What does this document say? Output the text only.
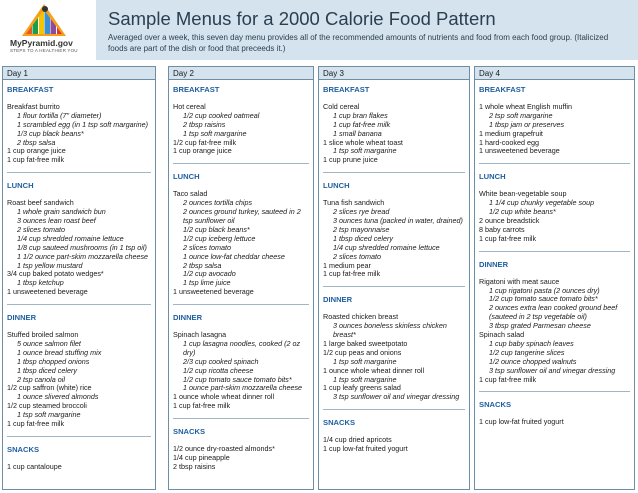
MyPyramid.gov
STEPS TO A HEALTHIER YOU
Sample Menus for a 2000 Calorie Food Pattern
Averaged over a week, this seven day menu provides all of the recommended amounts of nutrients and food from each food group. (Italicized foods are part of the dish or food that preceeds it.)
Day 1
BREAKFAST
Breakfast burrito
1 flour tortilla (7" diameter)
1 scrambled egg (in 1 tsp soft margarine)
1/3 cup black beans*
2 tbsp salsa
1 cup orange juice
1 cup fat-free milk
LUNCH
Roast beef sandwich
1 whole grain sandwich bun
3 ounces lean roast beef
2 slices tomato
1/4 cup shredded romaine lettuce
1/8 cup sauteed mushrooms (in 1 tsp oil)
1 1/2 ounce part-skim mozzarella cheese
1 tsp yellow mustard
3/4 cup baked potato wedges*
1 tbsp ketchup
1 unsweetened beverage
DINNER
Stuffed broiled salmon
5 ounce salmon filet
1 ounce bread stuffing mix
1 tbsp chopped onions
1 tbsp diced celery
2 tsp canola oil
1/2 cup saffron (white) rice
1 ounce slivered almonds
1/2 cup steamed broccoli
1 tsp soft margarine
1 cup fat-free milk
SNACKS
1 cup cantaloupe
Day 2
BREAKFAST
Hot cereal
1/2 cup cooked oatmeal
2 tbsp raisins
1 tsp soft margarine
1/2 cup fat-free milk
1 cup orange juice
LUNCH
Taco salad
2 ounces tortilla chips
2 ounces ground turkey, sauteed in 2 tsp sunflower oil
1/2 cup black beans*
1/2 cup iceberg lettuce
2 slices tomato
1 ounce low-fat cheddar cheese
2 tbsp salsa
1/2 cup avocado
1 tsp lime juice
1 unsweetened beverage
DINNER
Spinach lasagna
1 cup lasagna noodles, cooked (2 oz dry)
2/3 cup cooked spinach
1/2 cup ricotta cheese
1/2 cup tomato sauce tomato bits*
1 ounce part-skim mozzarella cheese
1 ounce whole wheat dinner roll
1 cup fat-free milk
SNACKS
1/2 ounce dry-roasted almonds*
1/4 cup pineapple
2 tbsp raisins
Day 3
BREAKFAST
Cold cereal
1 cup bran flakes
1 cup fat-free milk
1 small banana
1 slice whole wheat toast
1 tsp soft margarine
1 cup prune juice
LUNCH
Tuna fish sandwich
2 slices rye bread
3 ounces tuna (packed in water, drained)
2 tsp mayonnaise
1 tbsp diced celery
1/4 cup shredded romaine lettuce
2 slices tomato
1 medium pear
1 cup fat-free milk
DINNER
Roasted chicken breast
3 ounces boneless skinless chicken breast*
1 large baked sweetpotato
1/2 cup peas and onions
1 tsp soft margarine
1 ounce whole wheat dinner roll
1 tsp soft margarine
1 cup leafy greens salad
3 tsp sunflower oil and vinegar dressing
SNACKS
1/4 cup dried apricots
1 cup low-fat fruited yogurt
Day 4
BREAKFAST
1 whole wheat English muffin
2 tsp soft margarine
1 tbsp jam or preserves
1 medium grapefruit
1 hard-cooked egg
1 unsweetened beverage
LUNCH
White bean-vegetable soup
1 1/4 cup chunky vegetable soup
1/2 cup white beans*
2 ounce breadstick
8 baby carrots
1 cup fat-free milk
DINNER
Rigatoni with meat sauce
1 cup rigatoni pasta (2 ounces dry)
1/2 cup tomato sauce tomato bits*
2 ounces extra lean cooked ground beef (sauteed in 2 tsp vegetable oil)
3 tbsp grated Parmesan cheese
Spinach salad
1 cup baby spinach leaves
1/2 cup tangerine slices
1/2 ounce chopped walnuts
3 tsp sunflower oil and vinegar dressing
1 cup fat-free milk
SNACKS
1 cup low-fat fruited yogurt
